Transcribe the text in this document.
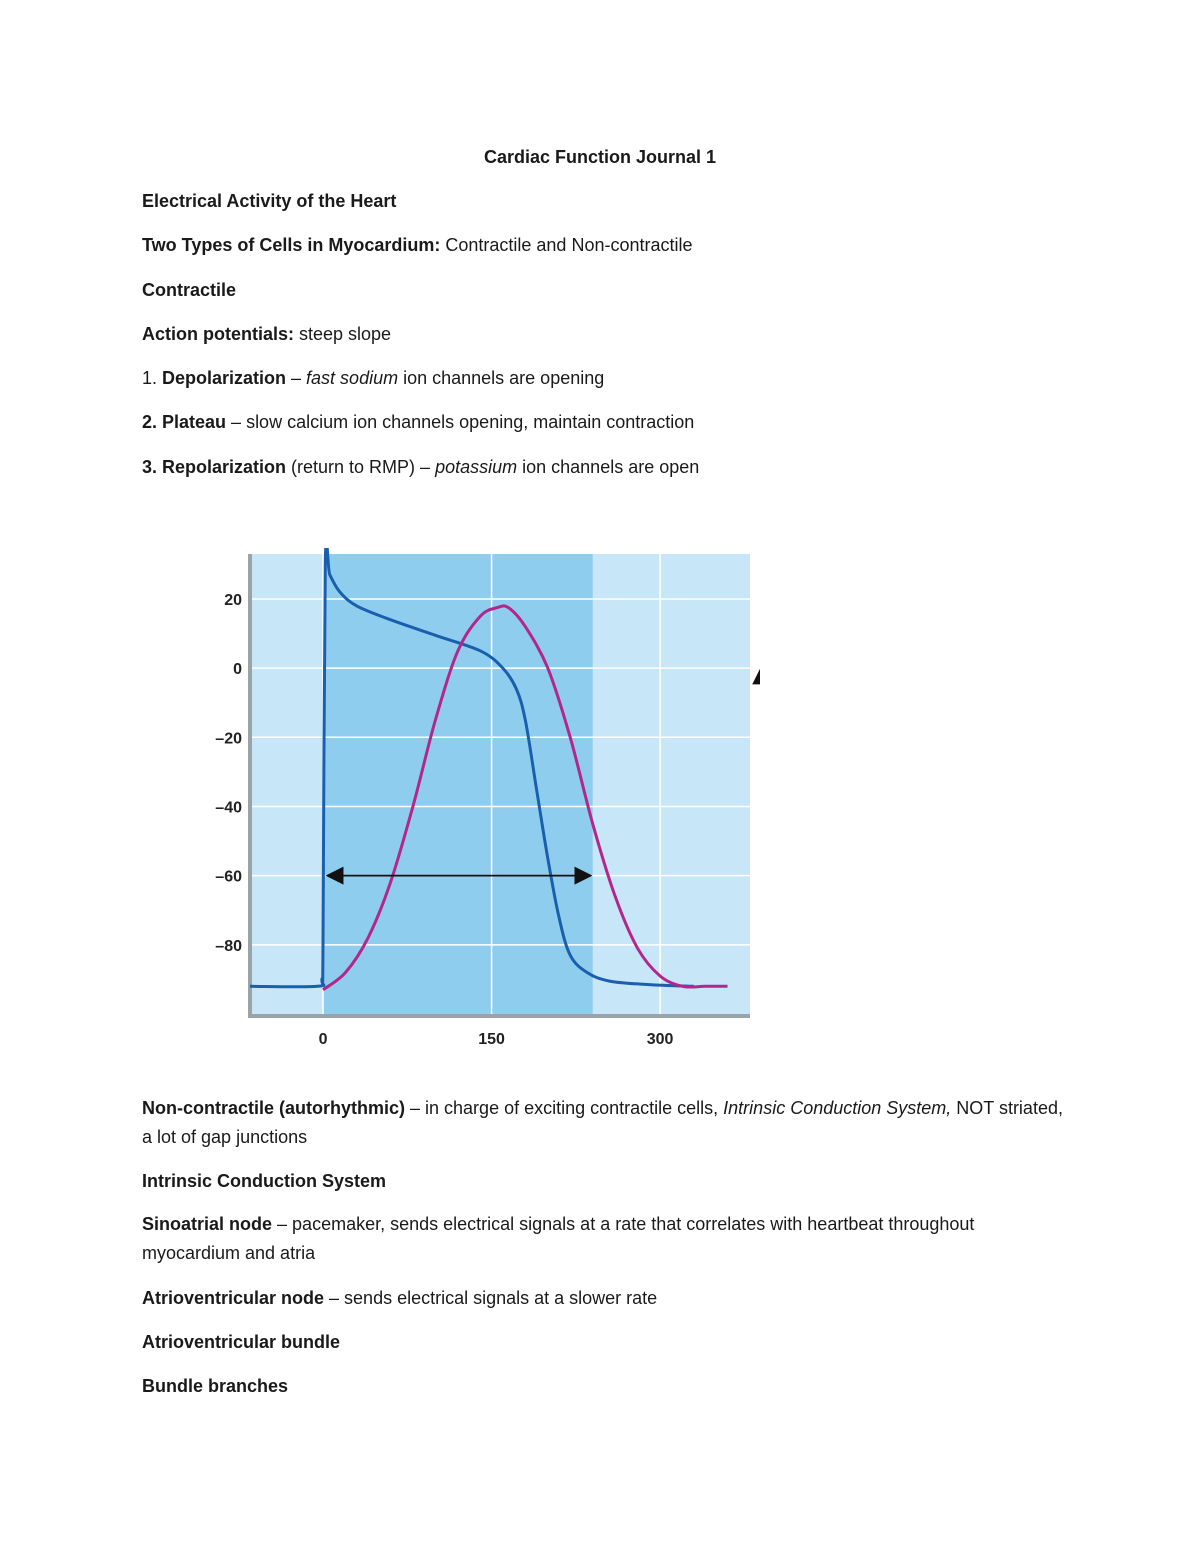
Cardiac Function Journal 1

Electrical Activity of the Heart

Two Types of Cells in Myocardium: Contractile and Non-contractile

Contractile

Action potentials: steep slope

1. Depolarization – fast sodium ion channels are opening

2. Plateau – slow calcium ion channels opening, maintain contraction

3. Repolarization (return to RMP) – potassium ion channels are open

20
0
–20
–40
–60
–80
0	150	300

Non-contractile (autorhythmic) – in charge of exciting contractile cells, Intrinsic Conduction System, NOT striated, a lot of gap junctions

Intrinsic Conduction System

Sinoatrial node – pacemaker, sends electrical signals at a rate that correlates with heartbeat throughout myocardium and atria

Atrioventricular node – sends electrical signals at a slower rate

Atrioventricular bundle

Bundle branches
